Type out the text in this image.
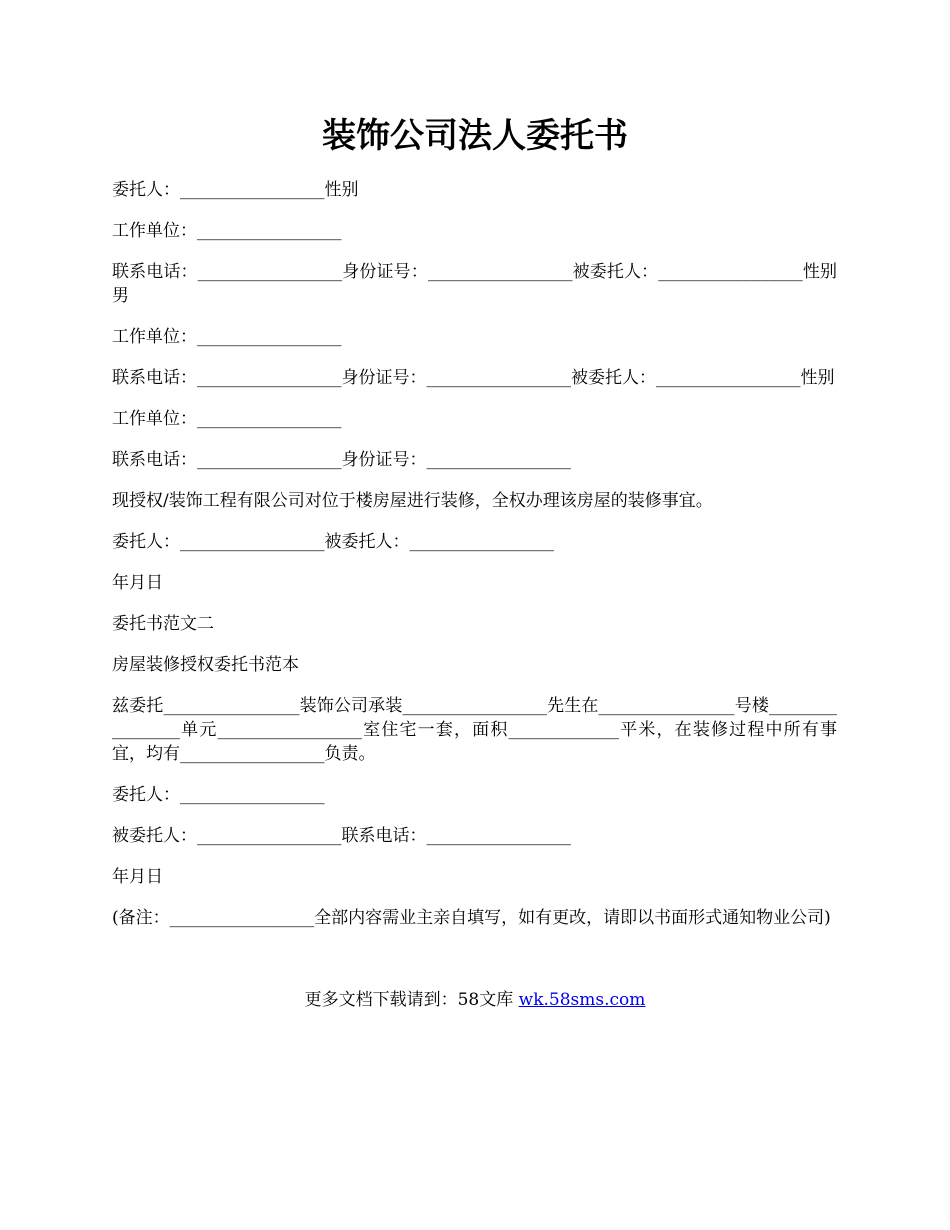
装饰公司法人委托书

委托人：_________________性别

工作单位：_________________

联系电话：_________________身份证号：_________________被委托人：_________________性别男

工作单位：_________________

联系电话：_________________身份证号：_________________被委托人：_________________性别

工作单位：_________________

联系电话：_________________身份证号：_________________

现授权/装饰工程有限公司对位于楼房屋进行装修，全权办理该房屋的装修事宜。

委托人：_________________被委托人：_________________

年月日

委托书范文二

房屋装修授权委托书范本

兹委托________________装饰公司承装_________________先生在________________号楼________________单元_________________室住宅一套，面积_____________平米，在装修过程中所有事宜，均有_________________负责。

委托人：_________________

被委托人：_________________联系电话：_________________

年月日

(备注：_________________全部内容需业主亲自填写，如有更改，请即以书面形式通知物业公司)

更多文档下载请到：58文库 wk.58sms.com
